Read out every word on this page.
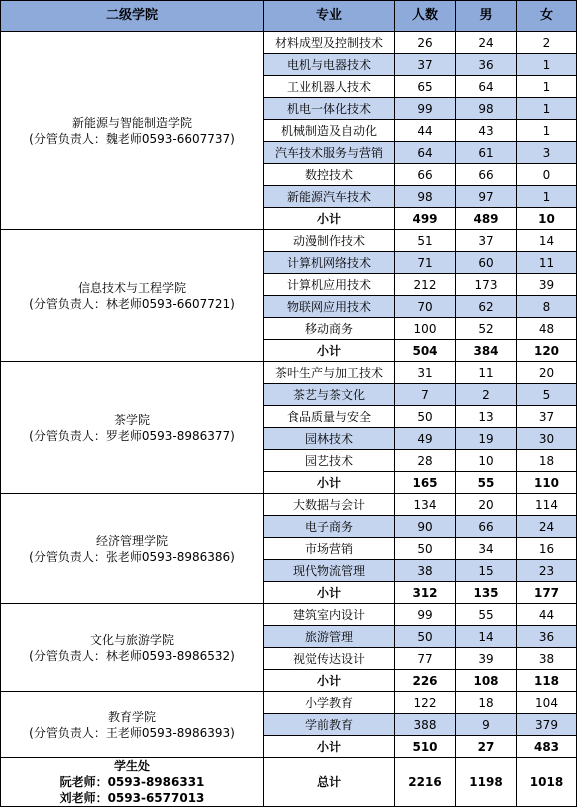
二级学院	专业	人数	男	女

新能源与智能制造学院
(分管负责人：魏老师0593-6607737)	材料成型及控制技术	26	24	2
	电机与电器技术	37	36	1
	工业机器人技术	65	64	1
	机电一体化技术	99	98	1
	机械制造及自动化	44	43	1
	汽车技术服务与营销	64	61	3
	数控技术	66	66	0
	新能源汽车技术	98	97	1
	小计	499	489	10

信息技术与工程学院
(分管负责人：林老师0593-6607721)	动漫制作技术	51	37	14
	计算机网络技术	71	60	11
	计算机应用技术	212	173	39
	物联网应用技术	70	62	8
	移动商务	100	52	48
	小计	504	384	120

茶学院
(分管负责人：罗老师0593-8986377)	茶叶生产与加工技术	31	11	20
	茶艺与茶文化	7	2	5
	食品质量与安全	50	13	37
	园林技术	49	19	30
	园艺技术	28	10	18
	小计	165	55	110

经济管理学院
(分管负责人：张老师0593-8986386)	大数据与会计	134	20	114
	电子商务	90	66	24
	市场营销	50	34	16
	现代物流管理	38	15	23
	小计	312	135	177

文化与旅游学院
(分管负责人：林老师0593-8986532)	建筑室内设计	99	55	44
	旅游管理	50	14	36
	视觉传达设计	77	39	38
	小计	226	108	118

教育学院
(分管负责人：王老师0593-8986393)	小学教育	122	18	104
	学前教育	388	9	379
	小计	510	27	483

学生处
阮老师：0593-8986331
刘老师：0593-6577013	总计	2216	1198	1018
